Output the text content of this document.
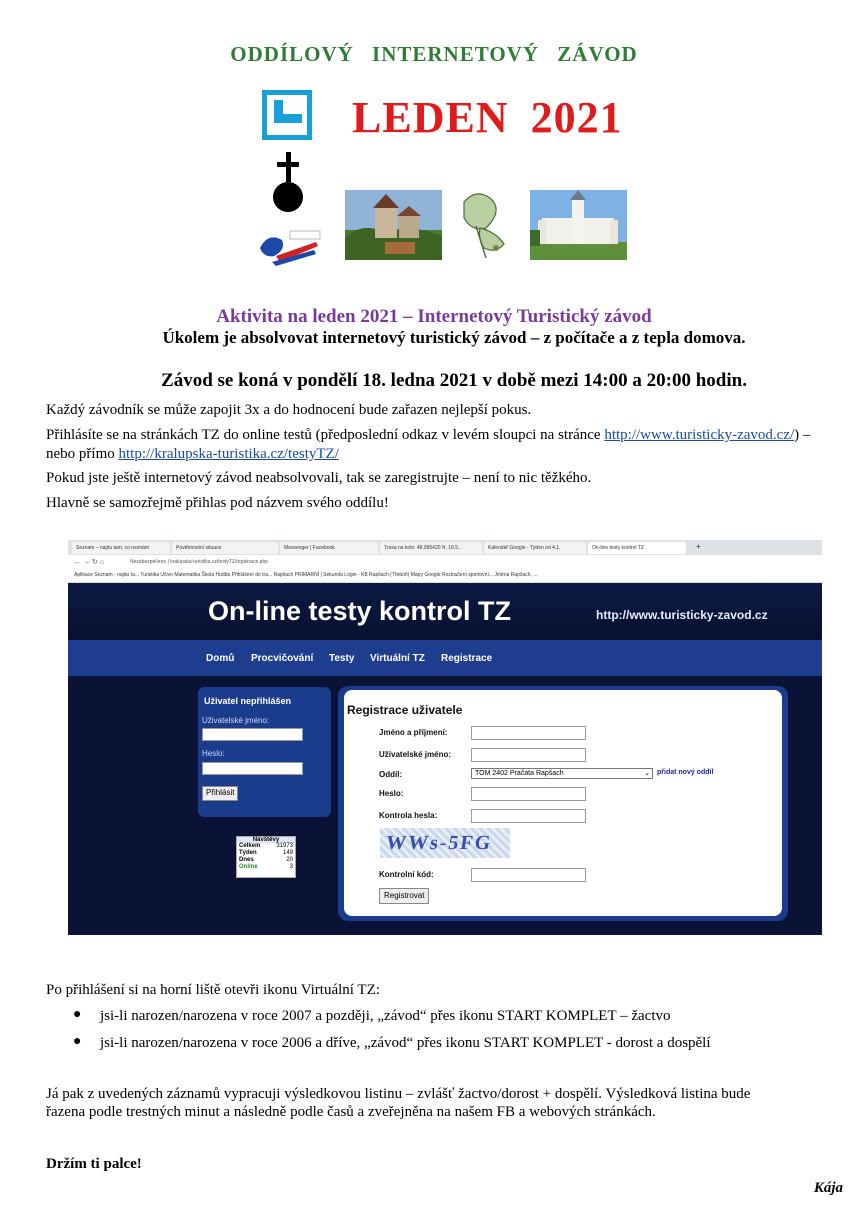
ODDÍLOVÝ INTERNETOVÝ ZÁVOD
LEDEN 2021
Aktivita na leden 2021 – Internetový Turistický závod
Úkolem je absolvovat internetový turistický závod – z počítače a z tepla domova.
Závod se koná v pondělí 18. ledna 2021 v době mezi 14:00 a 20:00 hodin.
Každý závodník se může zapojit 3x a do hodnocení bude zařazen nejlepší pokus.
Přihlásíte se na stránkách TZ do online testů (předposlední odkaz v levém sloupci na stránce http://www.turisticky-zavod.cz/) – nebo přímo http://kralupska-turistika.cz/testyTZ/
Pokud jste ještě internetový závod neabsolvovali, tak se zaregistrujte – není to nic těžkého.
Hlavně se samozřejmě přihlas pod názvem svého oddílu!
Seznam – najdu tam, co neznám	Povětrnostní situace	Messenger | Facebook	Trasa na kole: 48.995420 N, 16.5...	Kalendář Google - Týden od 4.1.	On-line testy kontrol TZ	+
← → ↻ ⌂	Nezabezpečeno | kralupska-turistika.cz/testyTZ/registrace.php
Aplikace Seznam - najdu ta... Turistika Učivo Matematika Škola Hudba Přihlášení do tra... Rapšach PRIMÁRNÍ | Sekunda Login - KB Rapšach (Třeboň) Mapy Google Rozloučení sportovní... Jména Rapšach, ...
On-line testy kontrol TZ	http://www.turisticky-zavod.cz
Domů Procvičování Testy Virtuální TZ Registrace
Uživatel nepřihlášen
Uživatelské jméno:
Heslo:
Přihlásit
Návštěvy
Celkem	31973
Týden	149
Dnes	20
Online	3
Registrace uživatele
Jméno a příjmení:
Uživatelské jméno:
Oddíl:	TOM 2402 Pračata Rapšach	⌄ přidat nový oddíl
Heslo:
Kontrola hesla:
WWs-5FG
Kontrolní kód:
Registrovat
Po přihlášení si na horní liště otevři ikonu Virtuální TZ:
● jsi-li narozen/narozena v roce 2007 a později, „závod“ přes ikonu START KOMPLET – žactvo
● jsi-li narozen/narozena v roce 2006 a dříve, „závod“ přes ikonu START KOMPLET - dorost a dospělí
Já pak z uvedených záznamů vypracuji výsledkovou listinu – zvlášť žactvo/dorost + dospělí. Výsledková listina bude
řazena podle trestných minut a následně podle časů a zveřejněna na našem FB a webových stránkách.
Držím ti palce!
Kája
